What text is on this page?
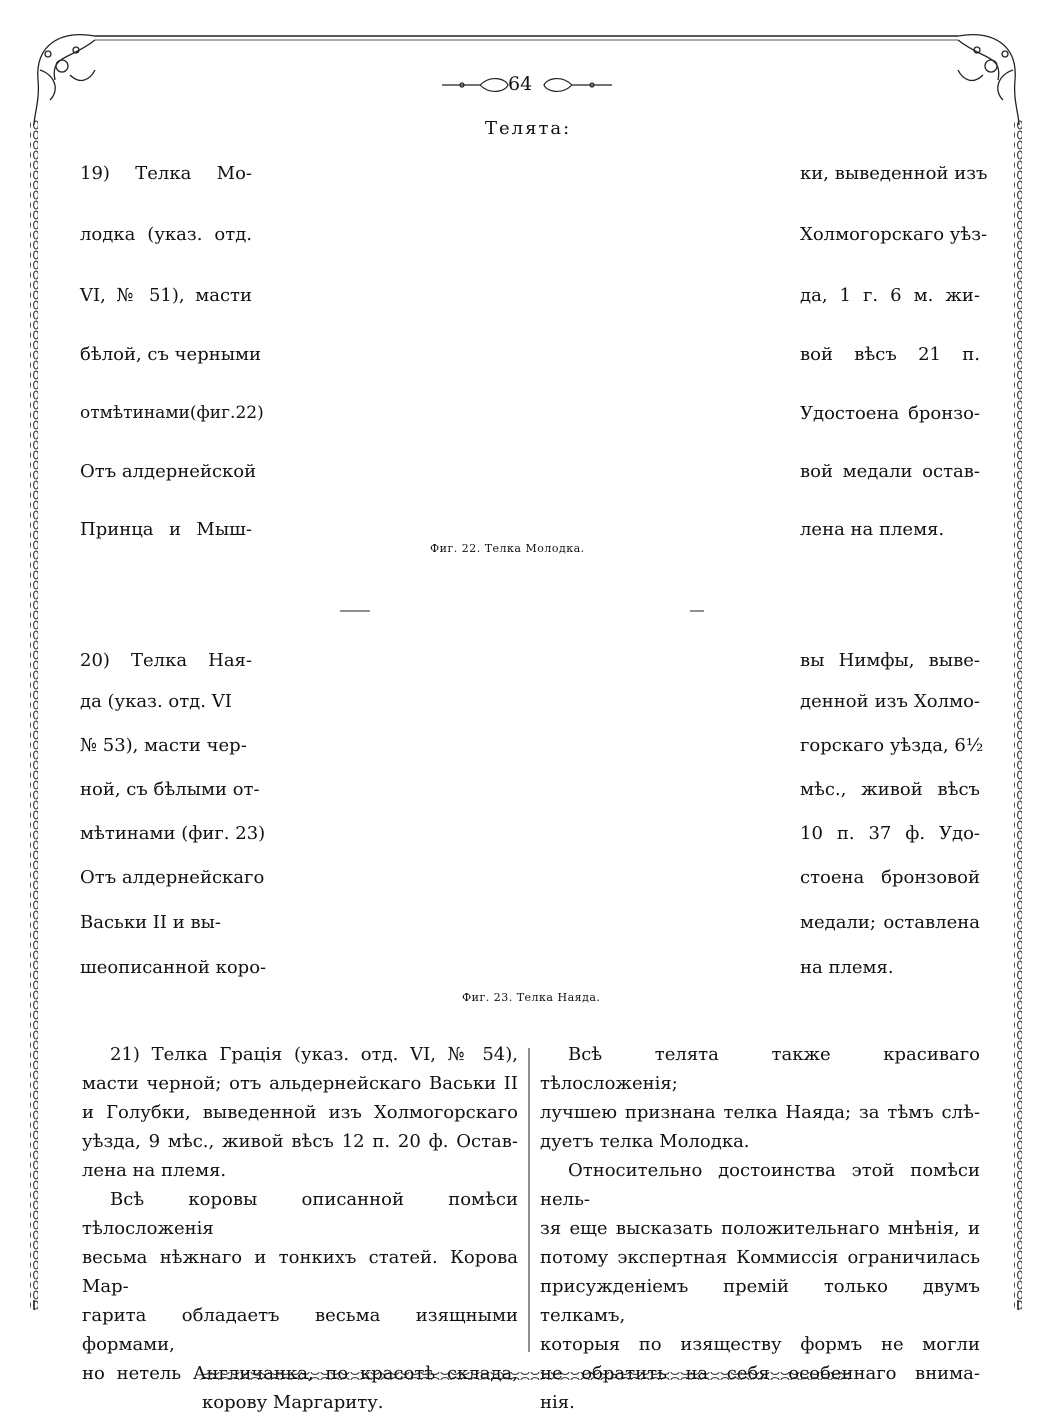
64
Телята:
19) Телка Мо-
лодка (указ. отд.
VI, № 51), масти
бѣлой, съ черными
отмѣтинами(фиг.22)
Отъ алдернейской
Принца и Мыш-
ки, выведенной изъ
Холмогорскаго уѣз-
да, 1 г. 6 м. жи-
вой вѣсъ 21 п.
Удостоена бронзо-
вой медали остав-
лена на племя.
Фиг. 22. Телка Молодка.
20) Телка Ная-
да (указ. отд. VI
№ 53), масти чер-
ной, съ бѣлыми от-
мѣтинами (фиг. 23)
Отъ алдернейскаго
Васьки II и вы-
шеописанной коро-
вы Нимфы, выве-
денной изъ Холмо-
горскаго уѣзда, 6½
мѣс., живой вѣсъ
10 п. 37 ф. Удо-
стоена бронзовой
медали; оставлена
на племя.
Фиг. 23. Телка Наяда.

21) Телка Грація (указ. отд. VI, № 54),

масти черной; отъ альдернейскаго Васьки II

и Голубки, выведенной изъ Холмогорскаго

уѣзда, 9 мѣс., живой вѣсъ 12 п. 20 ф. Остав-

лена на племя.

Всѣ коровы описанной помѣси тѣлосложенія

весьма нѣжнаго и тонкихъ статей. Корова Мар-

гарита обладаетъ весьма изящными формами,

но нетель Англичанка, по красотѣ склада,

корову Маргариту.

Всѣ телята также красиваго тѣлосложенія;

лучшею признана телка Наяда; за тѣмъ слѣ-

дуетъ телка Молодка.

Относительно достоинства этой помѣси нель-

зя еще высказать положительнаго мнѣнія, и

потому экспертная Коммиссія ограничилась

присужденіемъ премій только двумъ телкамъ,

которыя по изяществу формъ не могли

не обратить на себя особеннаго внима-

нія.
